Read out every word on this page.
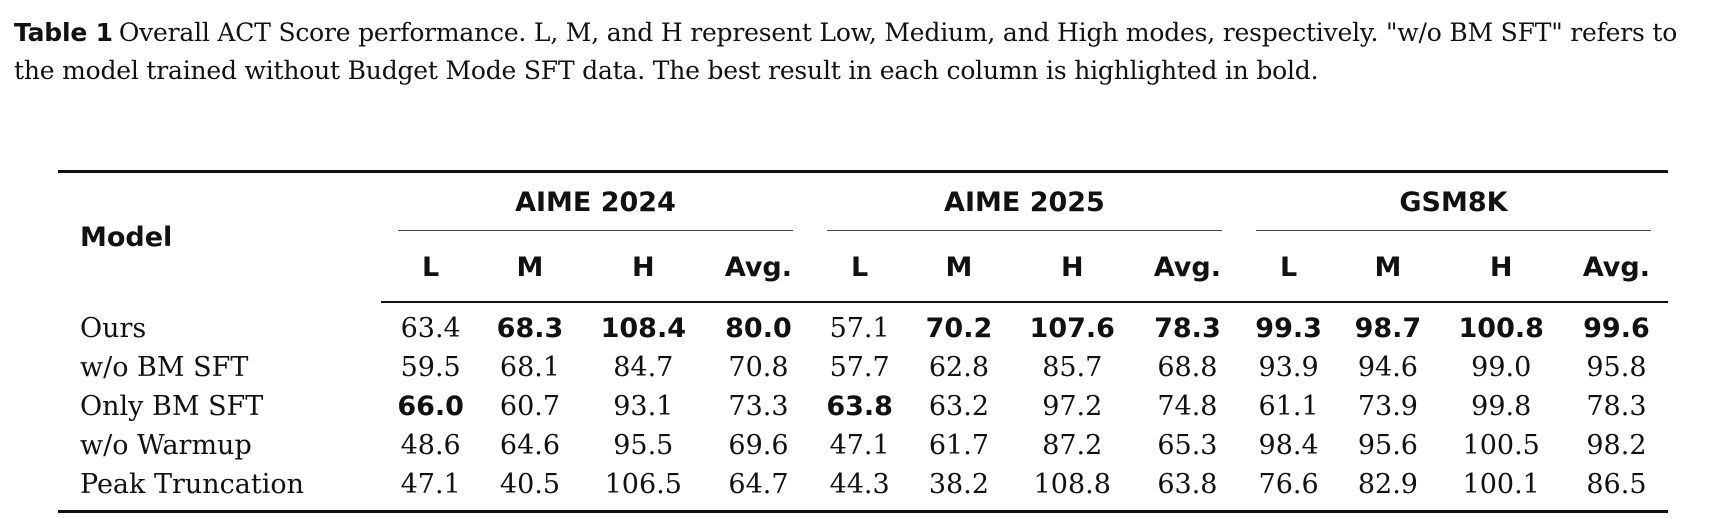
Table 1 Overall ACT Score performance. L, M, and H represent Low, Medium, and High modes, respectively. "w/o BM SFT" refers to the model trained without Budget Mode SFT data. The best result in each column is highlighted in bold.
Model	AIME 2024				AIME 2025				GSM8K			

	L	M	H	Avg.	L	M	H	Avg.	L	M	H	Avg.
Ours	63.4	68.3	108.4	80.0	57.1	70.2	107.6	78.3	99.3	98.7	100.8	99.6
w/o BM SFT	59.5	68.1	84.7	70.8	57.7	62.8	85.7	68.8	93.9	94.6	99.0	95.8
Only BM SFT	66.0	60.7	93.1	73.3	63.8	63.2	97.2	74.8	61.1	73.9	99.8	78.3
w/o Warmup	48.6	64.6	95.5	69.6	47.1	61.7	87.2	65.3	98.4	95.6	100.5	98.2
Peak Truncation	47.1	40.5	106.5	64.7	44.3	38.2	108.8	63.8	76.6	82.9	100.1	86.5
